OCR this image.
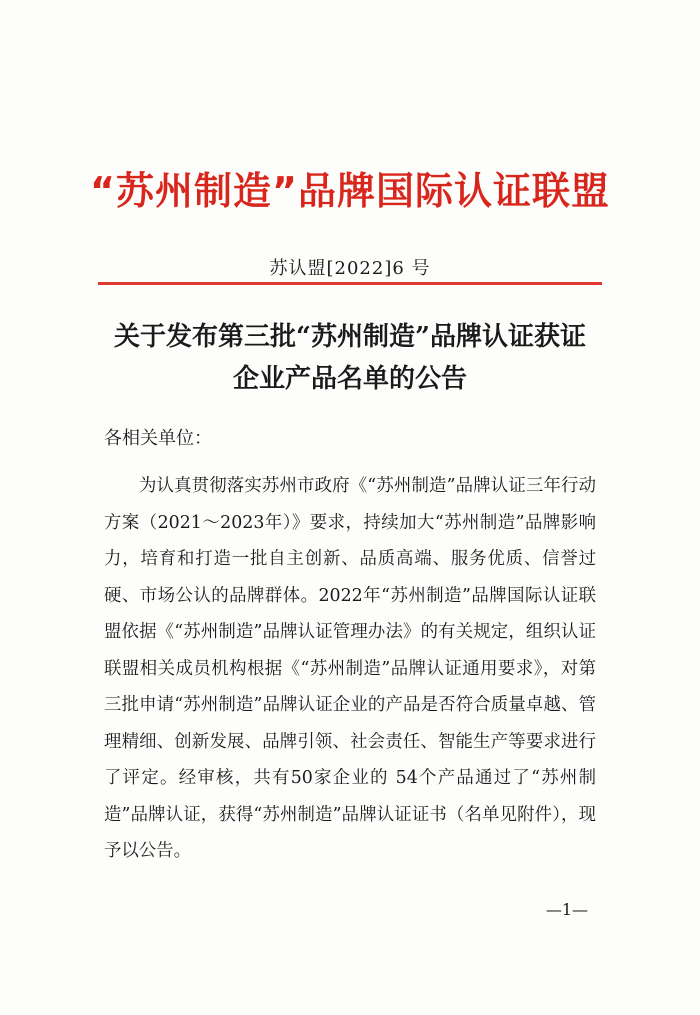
“苏州制造”品牌国际认证联盟
苏认盟[2022]6 号
关于发布第三批“苏州制造”品牌认证获证
企业产品名单的公告
各相关单位：

为认真贯彻落实苏州市政府《“苏州制造”品牌认证三年行动方案（2021～2023年）》要求，持续加大“苏州制造”品牌影响力，培育和打造一批自主创新、品质高端、服务优质、信誉过硬、市场公认的品牌群体。2022年“苏州制造”品牌国际认证联盟依据《“苏州制造”品牌认证管理办法》的有关规定，组织认证联盟相关成员机构根据《“苏州制造”品牌认证通用要求》，对第三批申请“苏州制造”品牌认证企业的产品是否符合质量卓越、管理精细、创新发展、品牌引领、社会责任、智能生产等要求进行了评定。经审核，共有50家企业的 54个产品通过了“苏州制造”品牌认证，获得“苏州制造”品牌认证证书（名单见附件），现予以公告。

—1—
